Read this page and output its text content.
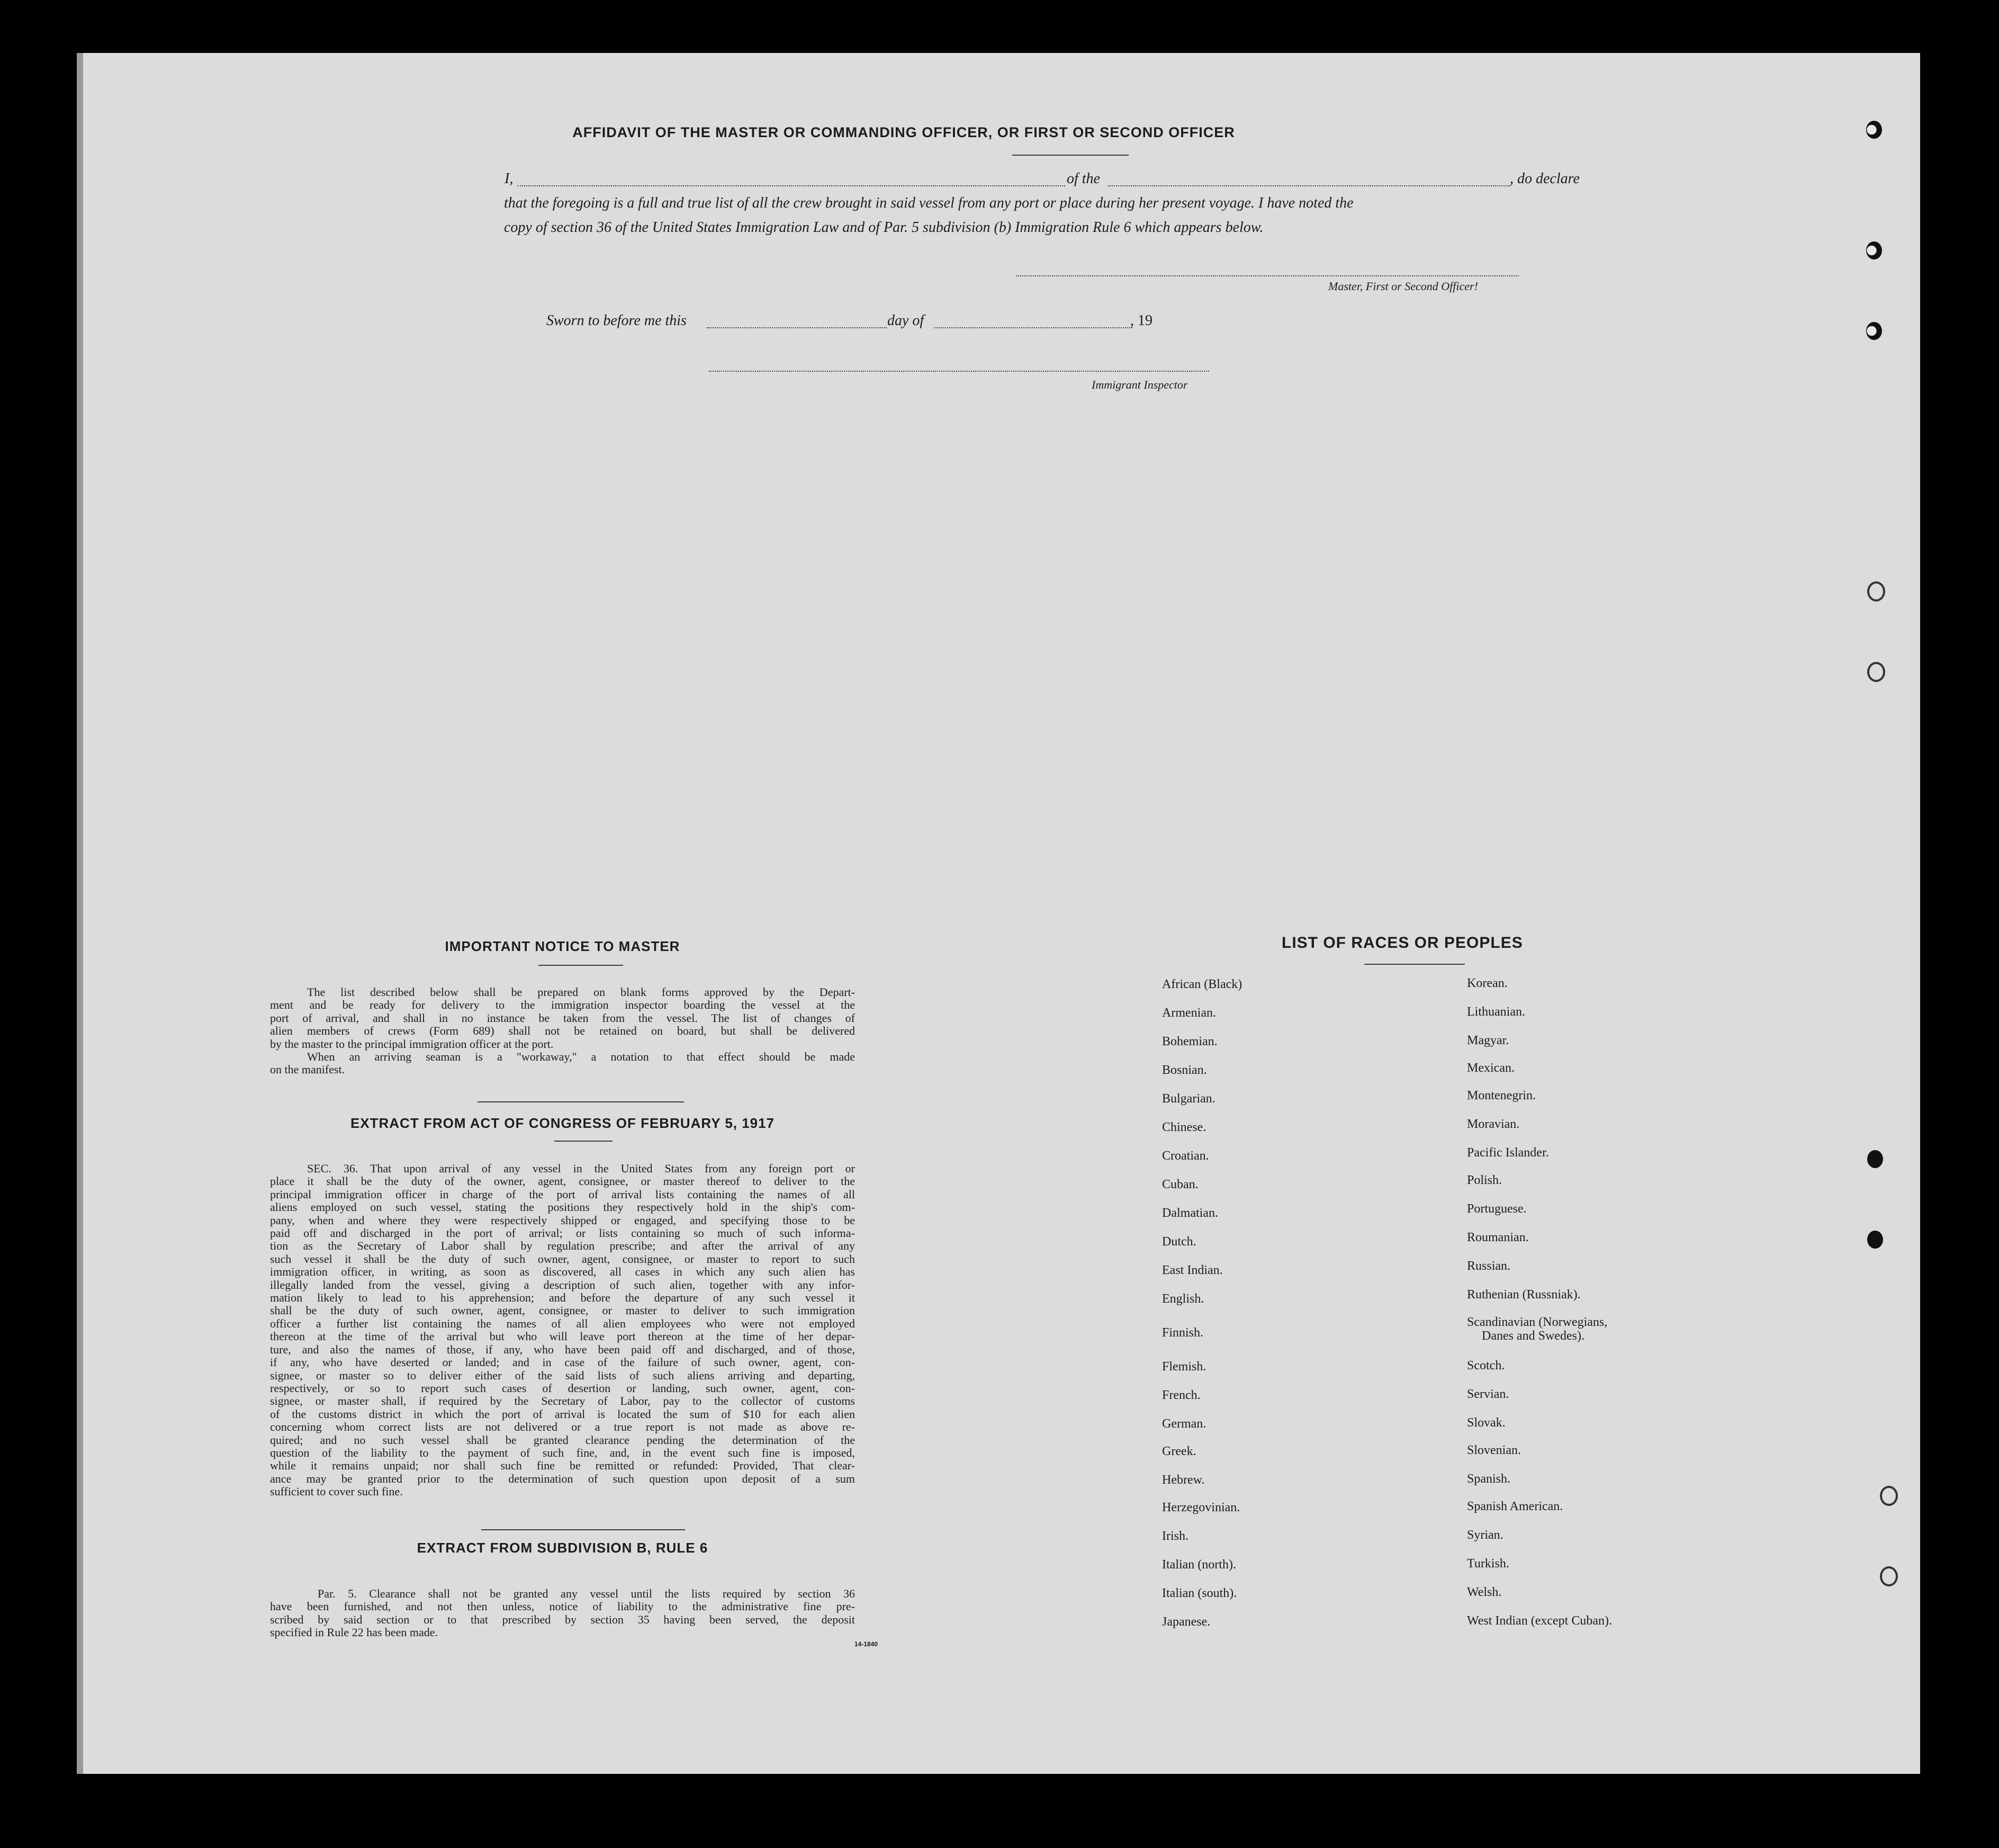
AFFIDAVIT OF THE MASTER OR COMMANDING OFFICER, OR FIRST OR SECOND OFFICER
I,	of the	, do declare
that the foregoing is a full and true list of all the crew brought in said vessel from any port or place during her present voyage. I have noted the
copy of section 36 of the United States Immigration Law and of Par. 5 subdivision (b) Immigration Rule 6 which appears below.
Master, First or Second Officer!
Sworn to before me this	day of	, 19
Immigrant Inspector
IMPORTANT NOTICE TO MASTER
The list described below shall be prepared on blank forms approved by the Depart-
ment and be ready for delivery to the immigration inspector boarding the vessel at the
port of arrival, and shall in no instance be taken from the vessel. The list of changes of
alien members of crews (Form 689) shall not be retained on board, but shall be delivered
by the master to the principal immigration officer at the port.
When an arriving seaman is a "workaway," a notation to that effect should be made
on the manifest.
EXTRACT FROM ACT OF CONGRESS OF FEBRUARY 5, 1917
SEC. 36. That upon arrival of any vessel in the United States from any foreign port or
place it shall be the duty of the owner, agent, consignee, or master thereof to deliver to the
principal immigration officer in charge of the port of arrival lists containing the names of all
aliens employed on such vessel, stating the positions they respectively hold in the ship's com-
pany, when and where they were respectively shipped or engaged, and specifying those to be
paid off and discharged in the port of arrival; or lists containing so much of such informa-
tion as the Secretary of Labor shall by regulation prescribe; and after the arrival of any
such vessel it shall be the duty of such owner, agent, consignee, or master to report to such
immigration officer, in writing, as soon as discovered, all cases in which any such alien has
illegally landed from the vessel, giving a description of such alien, together with any infor-
mation likely to lead to his apprehension; and before the departure of any such vessel it
shall be the duty of such owner, agent, consignee, or master to deliver to such immigration
officer a further list containing the names of all alien employees who were not employed
thereon at the time of the arrival but who will leave port thereon at the time of her depar-
ture, and also the names of those, if any, who have been paid off and discharged, and of those,
if any, who have deserted or landed; and in case of the failure of such owner, agent, con-
signee, or master so to deliver either of the said lists of such aliens arriving and departing,
respectively, or so to report such cases of desertion or landing, such owner, agent, con-
signee, or master shall, if required by the Secretary of Labor, pay to the collector of customs
of the customs district in which the port of arrival is located the sum of $10 for each alien
concerning whom correct lists are not delivered or a true report is not made as above re-
quired; and no such vessel shall be granted clearance pending the determination of the
question of the liability to the payment of such fine, and, in the event such fine is imposed,
while it remains unpaid; nor shall such fine be remitted or refunded: Provided, That clear-
ance may be granted prior to the determination of such question upon deposit of a sum
sufficient to cover such fine.
EXTRACT FROM SUBDIVISION B, RULE 6
Par. 5. Clearance shall not be granted any vessel until the lists required by section 36
have been furnished, and not then unless, notice of liability to the administrative fine pre-
scribed by said section or to that prescribed by section 35 having been served, the deposit
specified in Rule 22 has been made.
14-1840
LIST OF RACES OR PEOPLES
African (Black)
Armenian.
Bohemian.
Bosnian.
Bulgarian.
Chinese.
Croatian.
Cuban.
Dalmatian.
Dutch.
East Indian.
English.
Finnish.
Flemish.
French.
German.
Greek.
Hebrew.
Herzegovinian.
Irish.
Italian (north).
Italian (south).
Japanese.
Korean.
Lithuanian.
Magyar.
Mexican.
Montenegrin.
Moravian.
Pacific Islander.
Polish.
Portuguese.
Roumanian.
Russian.
Ruthenian (Russniak).
Scandinavian (Norwegians,
Danes and Swedes).
Scotch.
Servian.
Slovak.
Slovenian.
Spanish.
Spanish American.
Syrian.
Turkish.
Welsh.
West Indian (except Cuban).
